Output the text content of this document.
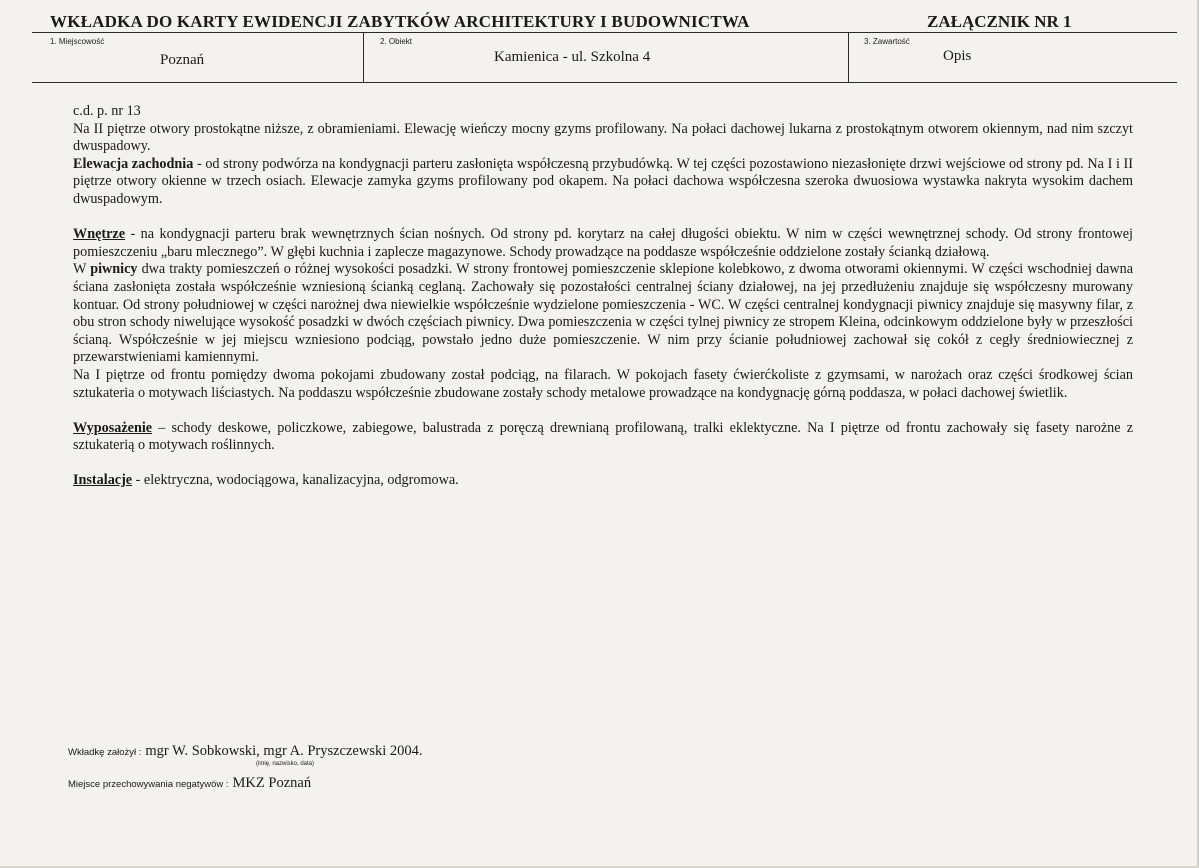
WKŁADKA DO KARTY EWIDENCJI ZABYTKÓW ARCHITEKTURY I BUDOWNICTWA	ZAŁĄCZNIK NR 1
1. Miejscowość
Poznań
2. Obiekt
Kamienica - ul. Szkolna 4
3. Zawartość
Opis

c.d. p. nr 13

Na II piętrze otwory prostokątne niższe, z obramieniami. Elewację wieńczy mocny gzyms profilowany. Na połaci dachowej lukarna z prostokątnym otworem okiennym, nad nim szczyt dwuspadowy.

Elewacja zachodnia - od strony podwórza na kondygnacji parteru zasłonięta współczesną przybudówką. W tej części pozostawiono niezasłonięte drzwi wejściowe od strony pd. Na I i II piętrze otwory okienne w trzech osiach. Elewacje zamyka gzyms profilowany pod okapem. Na połaci dachowa współczesna szeroka dwuosiowa wystawka nakryta wysokim dachem dwuspadowym.

Wnętrze - na kondygnacji parteru brak wewnętrznych ścian nośnych. Od strony pd. korytarz na całej długości obiektu. W nim w części wewnętrznej schody. Od strony frontowej pomieszczeniu „baru mlecznego”. W głębi kuchnia i zaplecze magazynowe. Schody prowadzące na poddasze współcześnie oddzielone zostały ścianką działową.

W piwnicy dwa trakty pomieszczeń o różnej wysokości posadzki. W strony frontowej pomieszczenie sklepione kolebkowo, z dwoma otworami okiennymi. W części wschodniej dawna ściana zasłonięta została współcześnie wzniesioną ścianką ceglaną. Zachowały się pozostałości centralnej ściany działowej, na jej przedłużeniu znajduje się współczesny murowany kontuar. Od strony południowej w części narożnej dwa niewielkie współcześnie wydzielone pomieszczenia - WC. W części centralnej kondygnacji piwnicy znajduje się masywny filar, z obu stron schody niwelujące wysokość posadzki w dwóch częściach piwnicy. Dwa pomieszczenia w części tylnej piwnicy ze stropem Kleina, odcinkowym oddzielone były w przeszłości ścianą. Współcześnie w jej miejscu wzniesiono podciąg, powstało jedno duże pomieszczenie. W nim przy ścianie południowej zachował się cokół z cegły średniowiecznej z przewarstwieniami kamiennymi.

Na I piętrze od frontu pomiędzy dwoma pokojami zbudowany został podciąg, na filarach. W pokojach fasety ćwierćkoliste z gzymsami, w narożach oraz części środkowej ścian sztukateria o motywach liściastych. Na poddaszu współcześnie zbudowane zostały schody metalowe prowadzące na kondygnację górną poddasza, w połaci dachowej świetlik.

Wyposażenie – schody deskowe, policzkowe, zabiegowe, balustrada z poręczą drewnianą profilowaną, tralki eklektyczne. Na I piętrze od frontu zachowały się fasety narożne z sztukaterią o motywach roślinnych.

Instalacje - elektryczna, wodociągowa, kanalizacyjna, odgromowa.

Wkładkę założył : mgr W. Sobkowski, mgr A. Pryszczewski 2004.
(imię, nazwisko, data)
Miejsce przechowywania negatywów : MKZ Poznań
